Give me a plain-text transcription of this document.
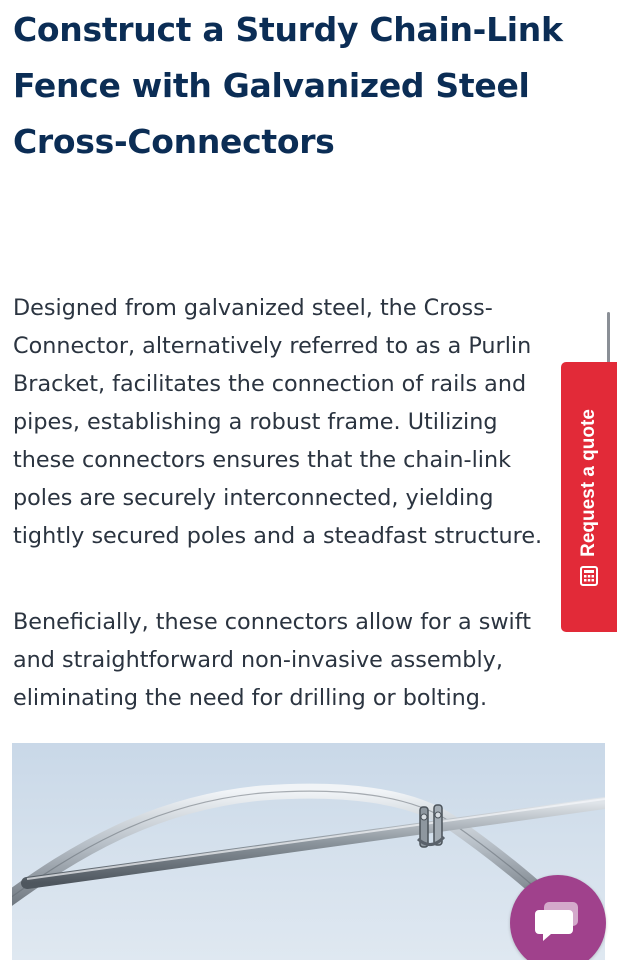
Construct a Sturdy Chain-Link
Fence with Galvanized Steel
Cross-Connectors

Designed from galvanized steel, the Cross-
Connector, alternatively referred to as a Purlin
Bracket, facilitates the connection of rails and
pipes, establishing a robust frame. Utilizing
these connectors ensures that the chain-link
poles are securely interconnected, yielding
tightly secured poles and a steadfast structure.

Beneficially, these connectors allow for a swift
and straightforward non-invasive assembly,
eliminating the need for drilling or bolting.

Request a quote
